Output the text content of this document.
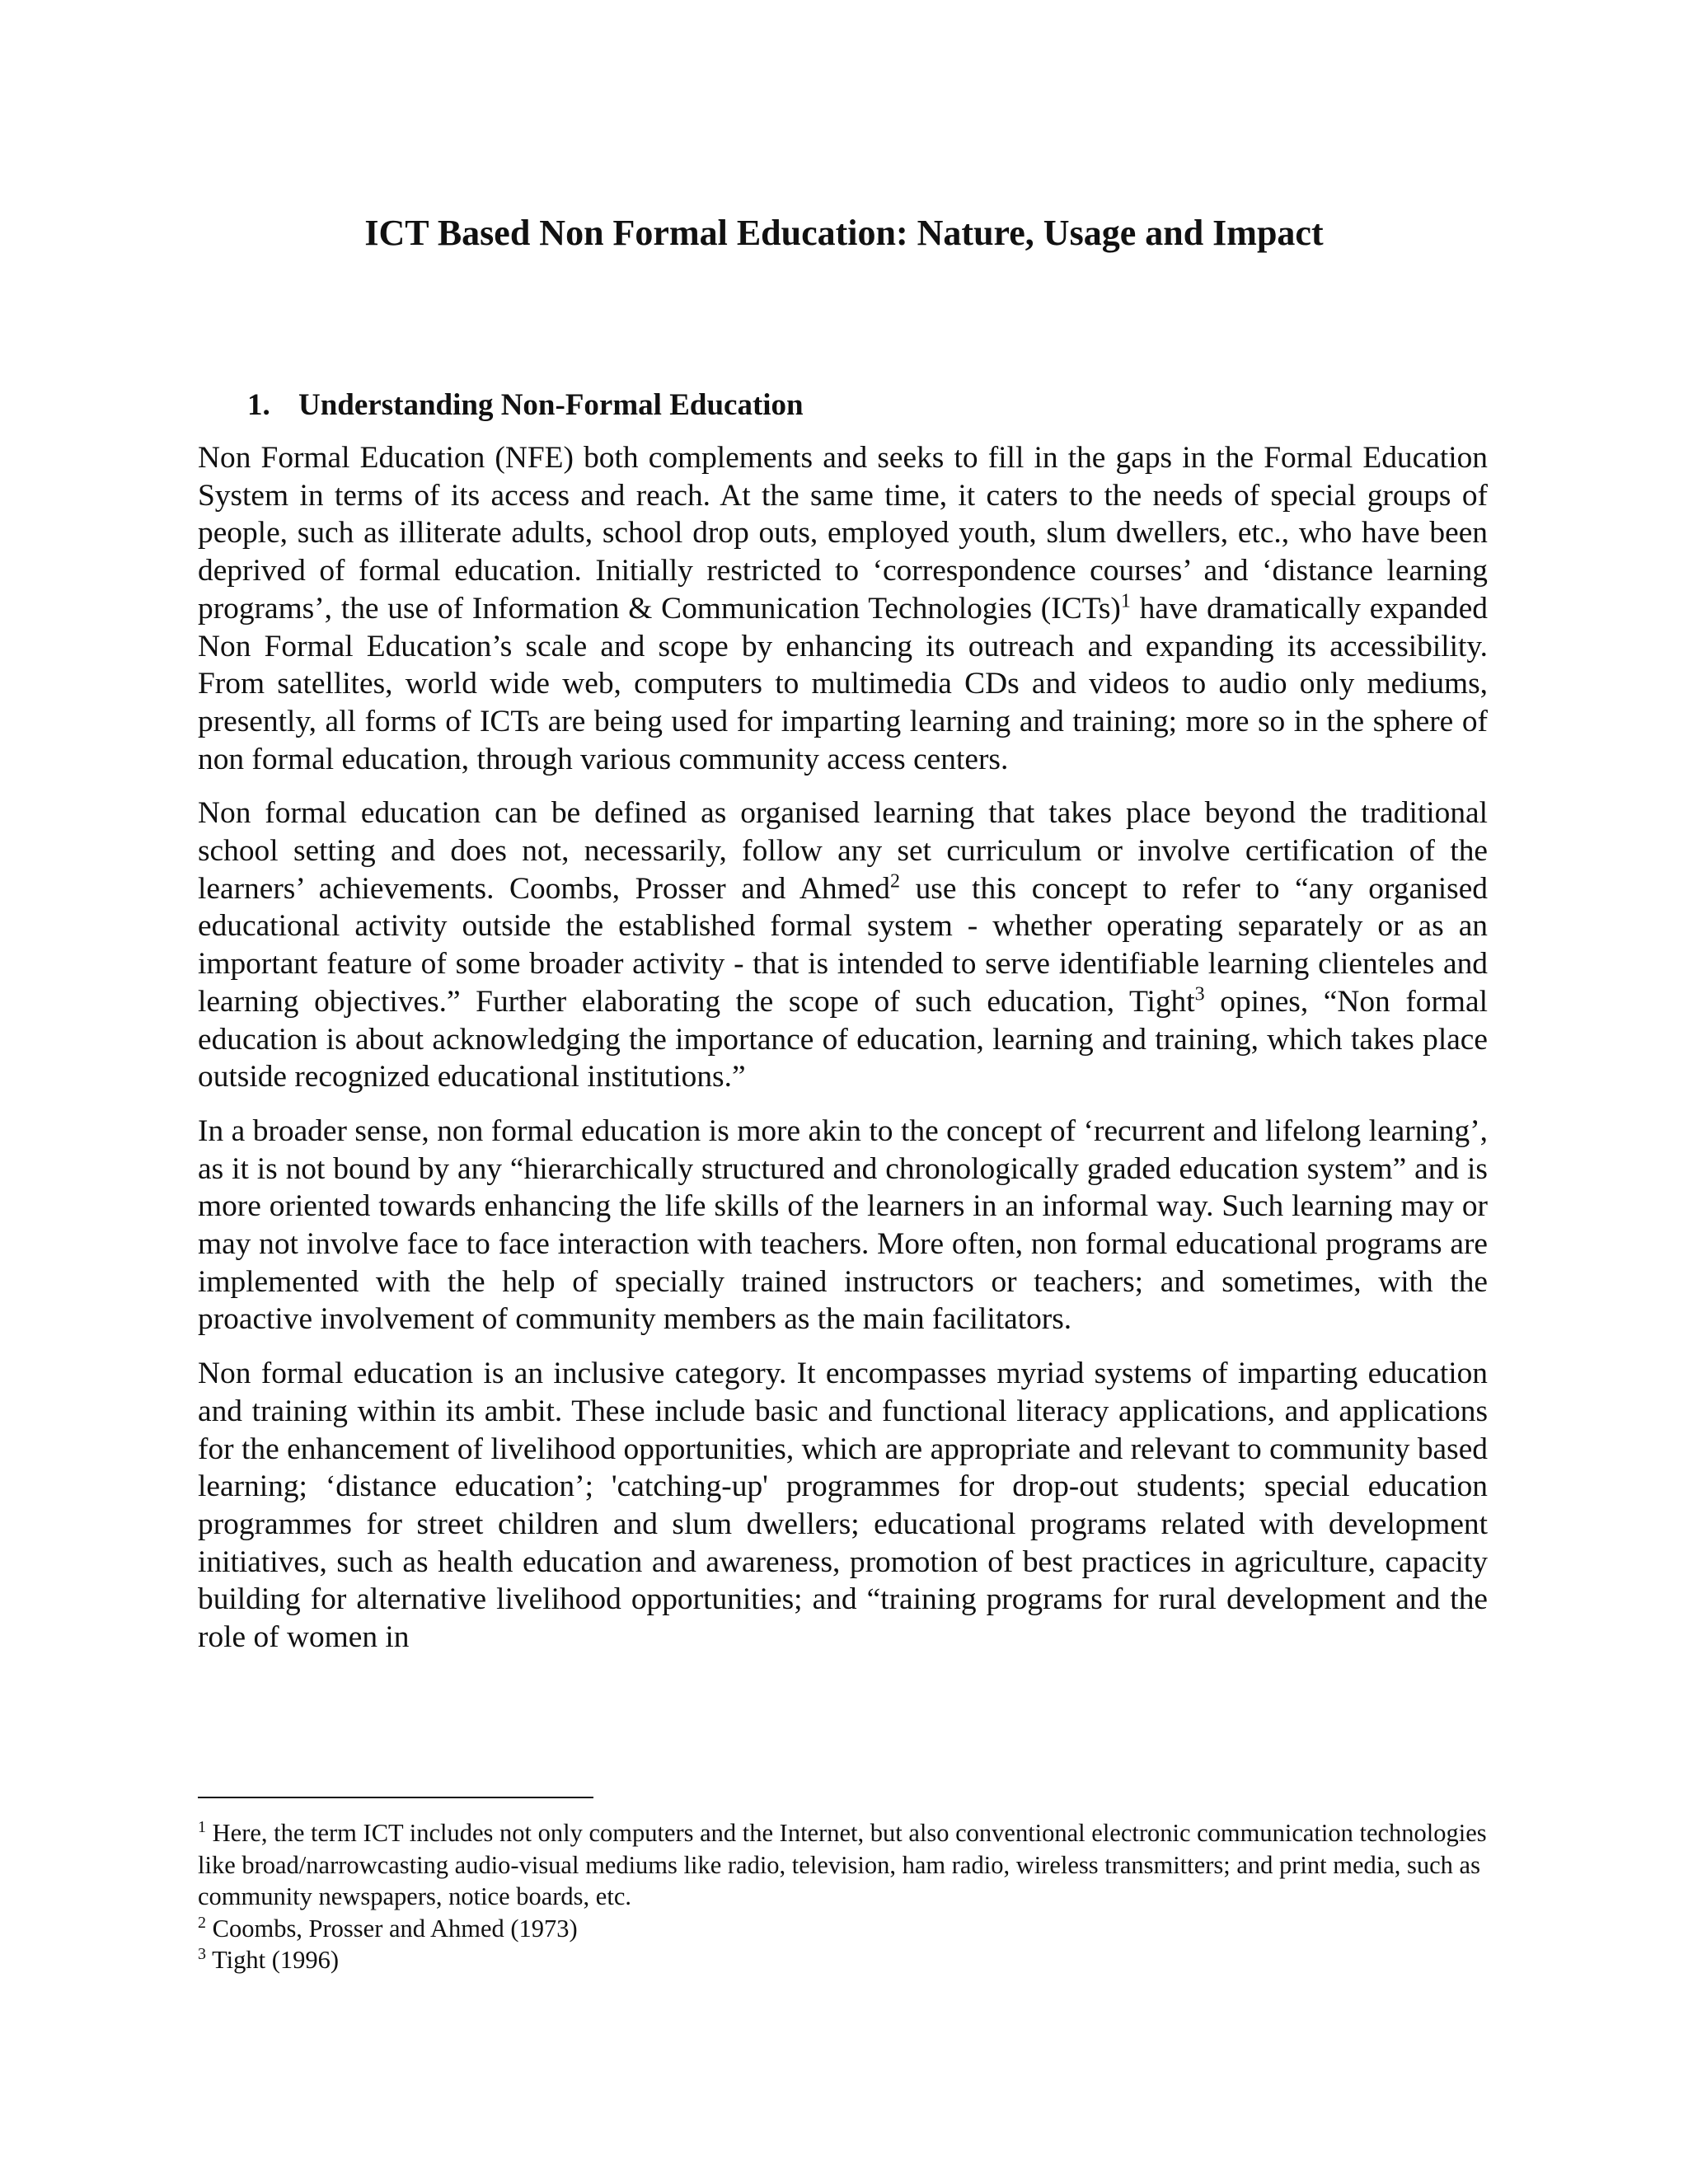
ICT Based Non Formal Education: Nature, Usage and Impact
1. Understanding Non-Formal Education

Non Formal Education (NFE) both complements and seeks to fill in the gaps in the Formal Education System in terms of its access and reach. At the same time, it caters to the needs of special groups of people, such as illiterate adults, school drop outs, employed youth, slum dwellers, etc., who have been deprived of formal education. Initially restricted to ‘correspondence courses’ and ‘distance learning programs’, the use of Information & Communication Technologies (ICTs)$^1$ have dramatically expanded Non Formal Education’s scale and scope by enhancing its outreach and expanding its accessibility. From satellites, world wide web, computers to multimedia CDs and videos to audio only mediums, presently, all forms of ICTs are being used for imparting learning and training; more so in the sphere of non formal education, through various community access centers.

Non formal education can be defined as organised learning that takes place beyond the traditional school setting and does not, necessarily, follow any set curriculum or involve certification of the learners’ achievements. Coombs, Prosser and Ahmed$^2$ use this concept to refer to “any organised educational activity outside the established formal system - whether operating separately or as an important feature of some broader activity - that is intended to serve identifiable learning clienteles and learning objectives.” Further elaborating the scope of such education, Tight$^3$ opines, “Non formal education is about acknowledging the importance of education, learning and training, which takes place outside recognized educational institutions.”

In a broader sense, non formal education is more akin to the concept of ‘recurrent and lifelong learning’, as it is not bound by any “hierarchically structured and chronologically graded education system” and is more oriented towards enhancing the life skills of the learners in an informal way. Such learning may or may not involve face to face interaction with teachers. More often, non formal educational programs are implemented with the help of specially trained instructors or teachers; and sometimes, with the proactive involvement of community members as the main facilitators.

Non formal education is an inclusive category. It encompasses myriad systems of imparting education and training within its ambit. These include basic and functional literacy applications, and applications for the enhancement of livelihood opportunities, which are appropriate and relevant to community based learning; ‘distance education’; 'catching-up' programmes for drop-out students; special education programmes for street children and slum dwellers; educational programs related with development initiatives, such as health education and awareness, promotion of best practices in agriculture, capacity building for alternative livelihood opportunities; and “training programs for rural development and the role of women in

$^1$ Here, the term ICT includes not only computers and the Internet, but also conventional electronic communication technologies like broad/narrowcasting audio-visual mediums like radio, television, ham radio, wireless transmitters; and print media, such as community newspapers, notice boards, etc.

$^2$ Coombs, Prosser and Ahmed (1973)

$^3$ Tight (1996)
